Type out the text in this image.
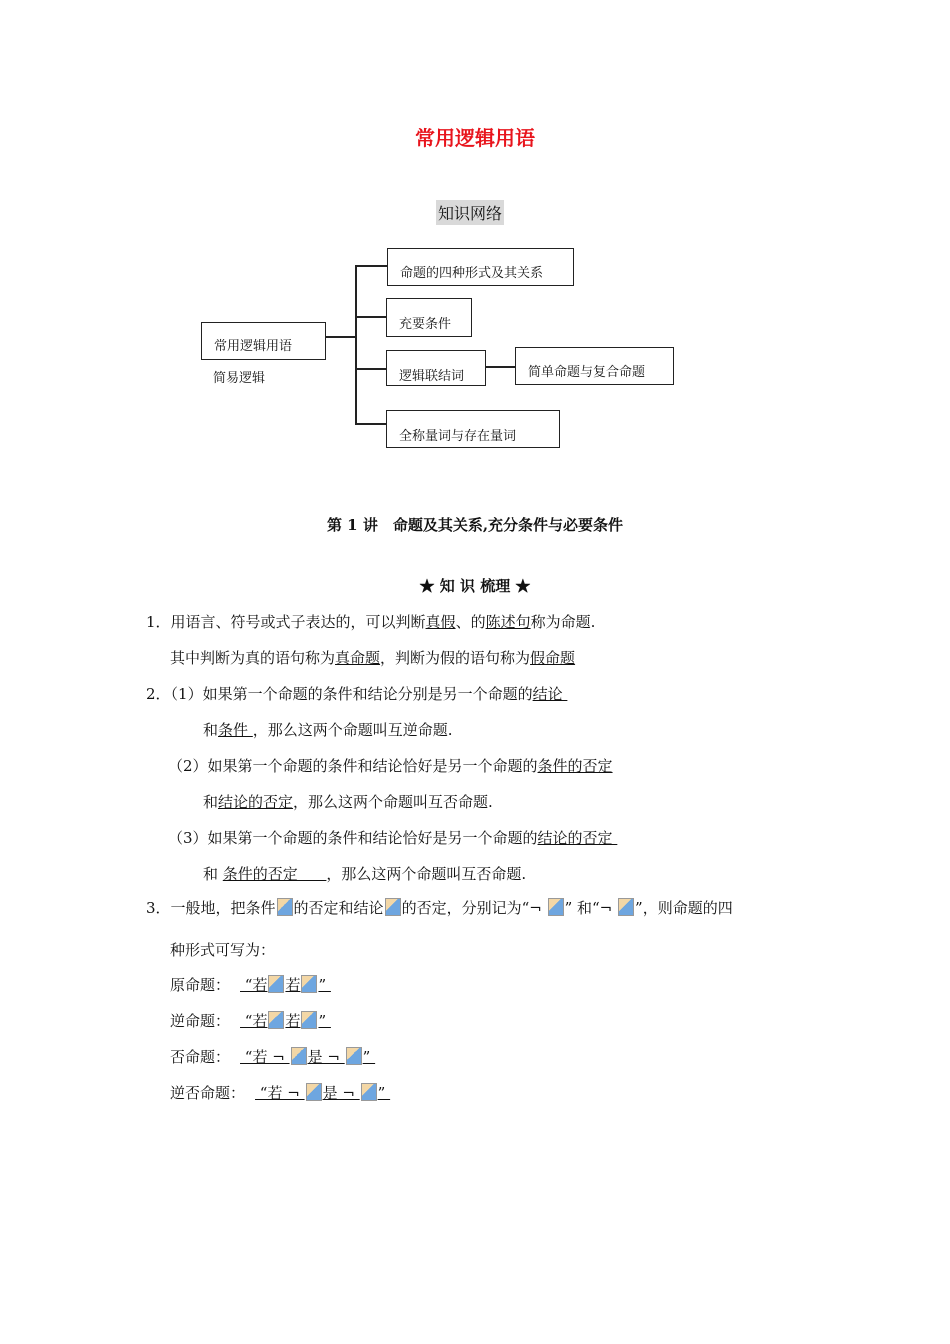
常用逻辑用语
知识网络
常用逻辑用语
简易逻辑
命题的四种形式及其关系
充要条件
逻辑联结词	简单命题与复合命题
全称量词与存在量词
第 1 讲　命题及其关系,充分条件与必要条件
★ 知 识 梳理 ★
1．用语言、符号或式子表达的，可以判断真假、的陈述句称为命题.
其中判断为真的语句称为真命题，判断为假的语句称为假命题
2．（1）如果第一个命题的条件和结论分别是另一个命题的结论
和条件 ，那么这两个命题叫互逆命题.
（2）如果第一个命题的条件和结论恰好是另一个命题的条件的否定
和结论的否定，那么这两个命题叫互否命题.
（3）如果第一个命题的条件和结论恰好是另一个命题的结论的否定
和 条件的否定      ，那么这两个命题叫互否命题.
3．一般地，把条件 的否定和结论 的否定，分别记为“¬ ” 和“¬ ”，则命题的四
种形式可写为：
原命题： “若 若 ”
逆命题： “若 若 ”
否命题： “若 ¬ 是 ¬ ”
逆否命题： “若 ¬ 是 ¬ ”
